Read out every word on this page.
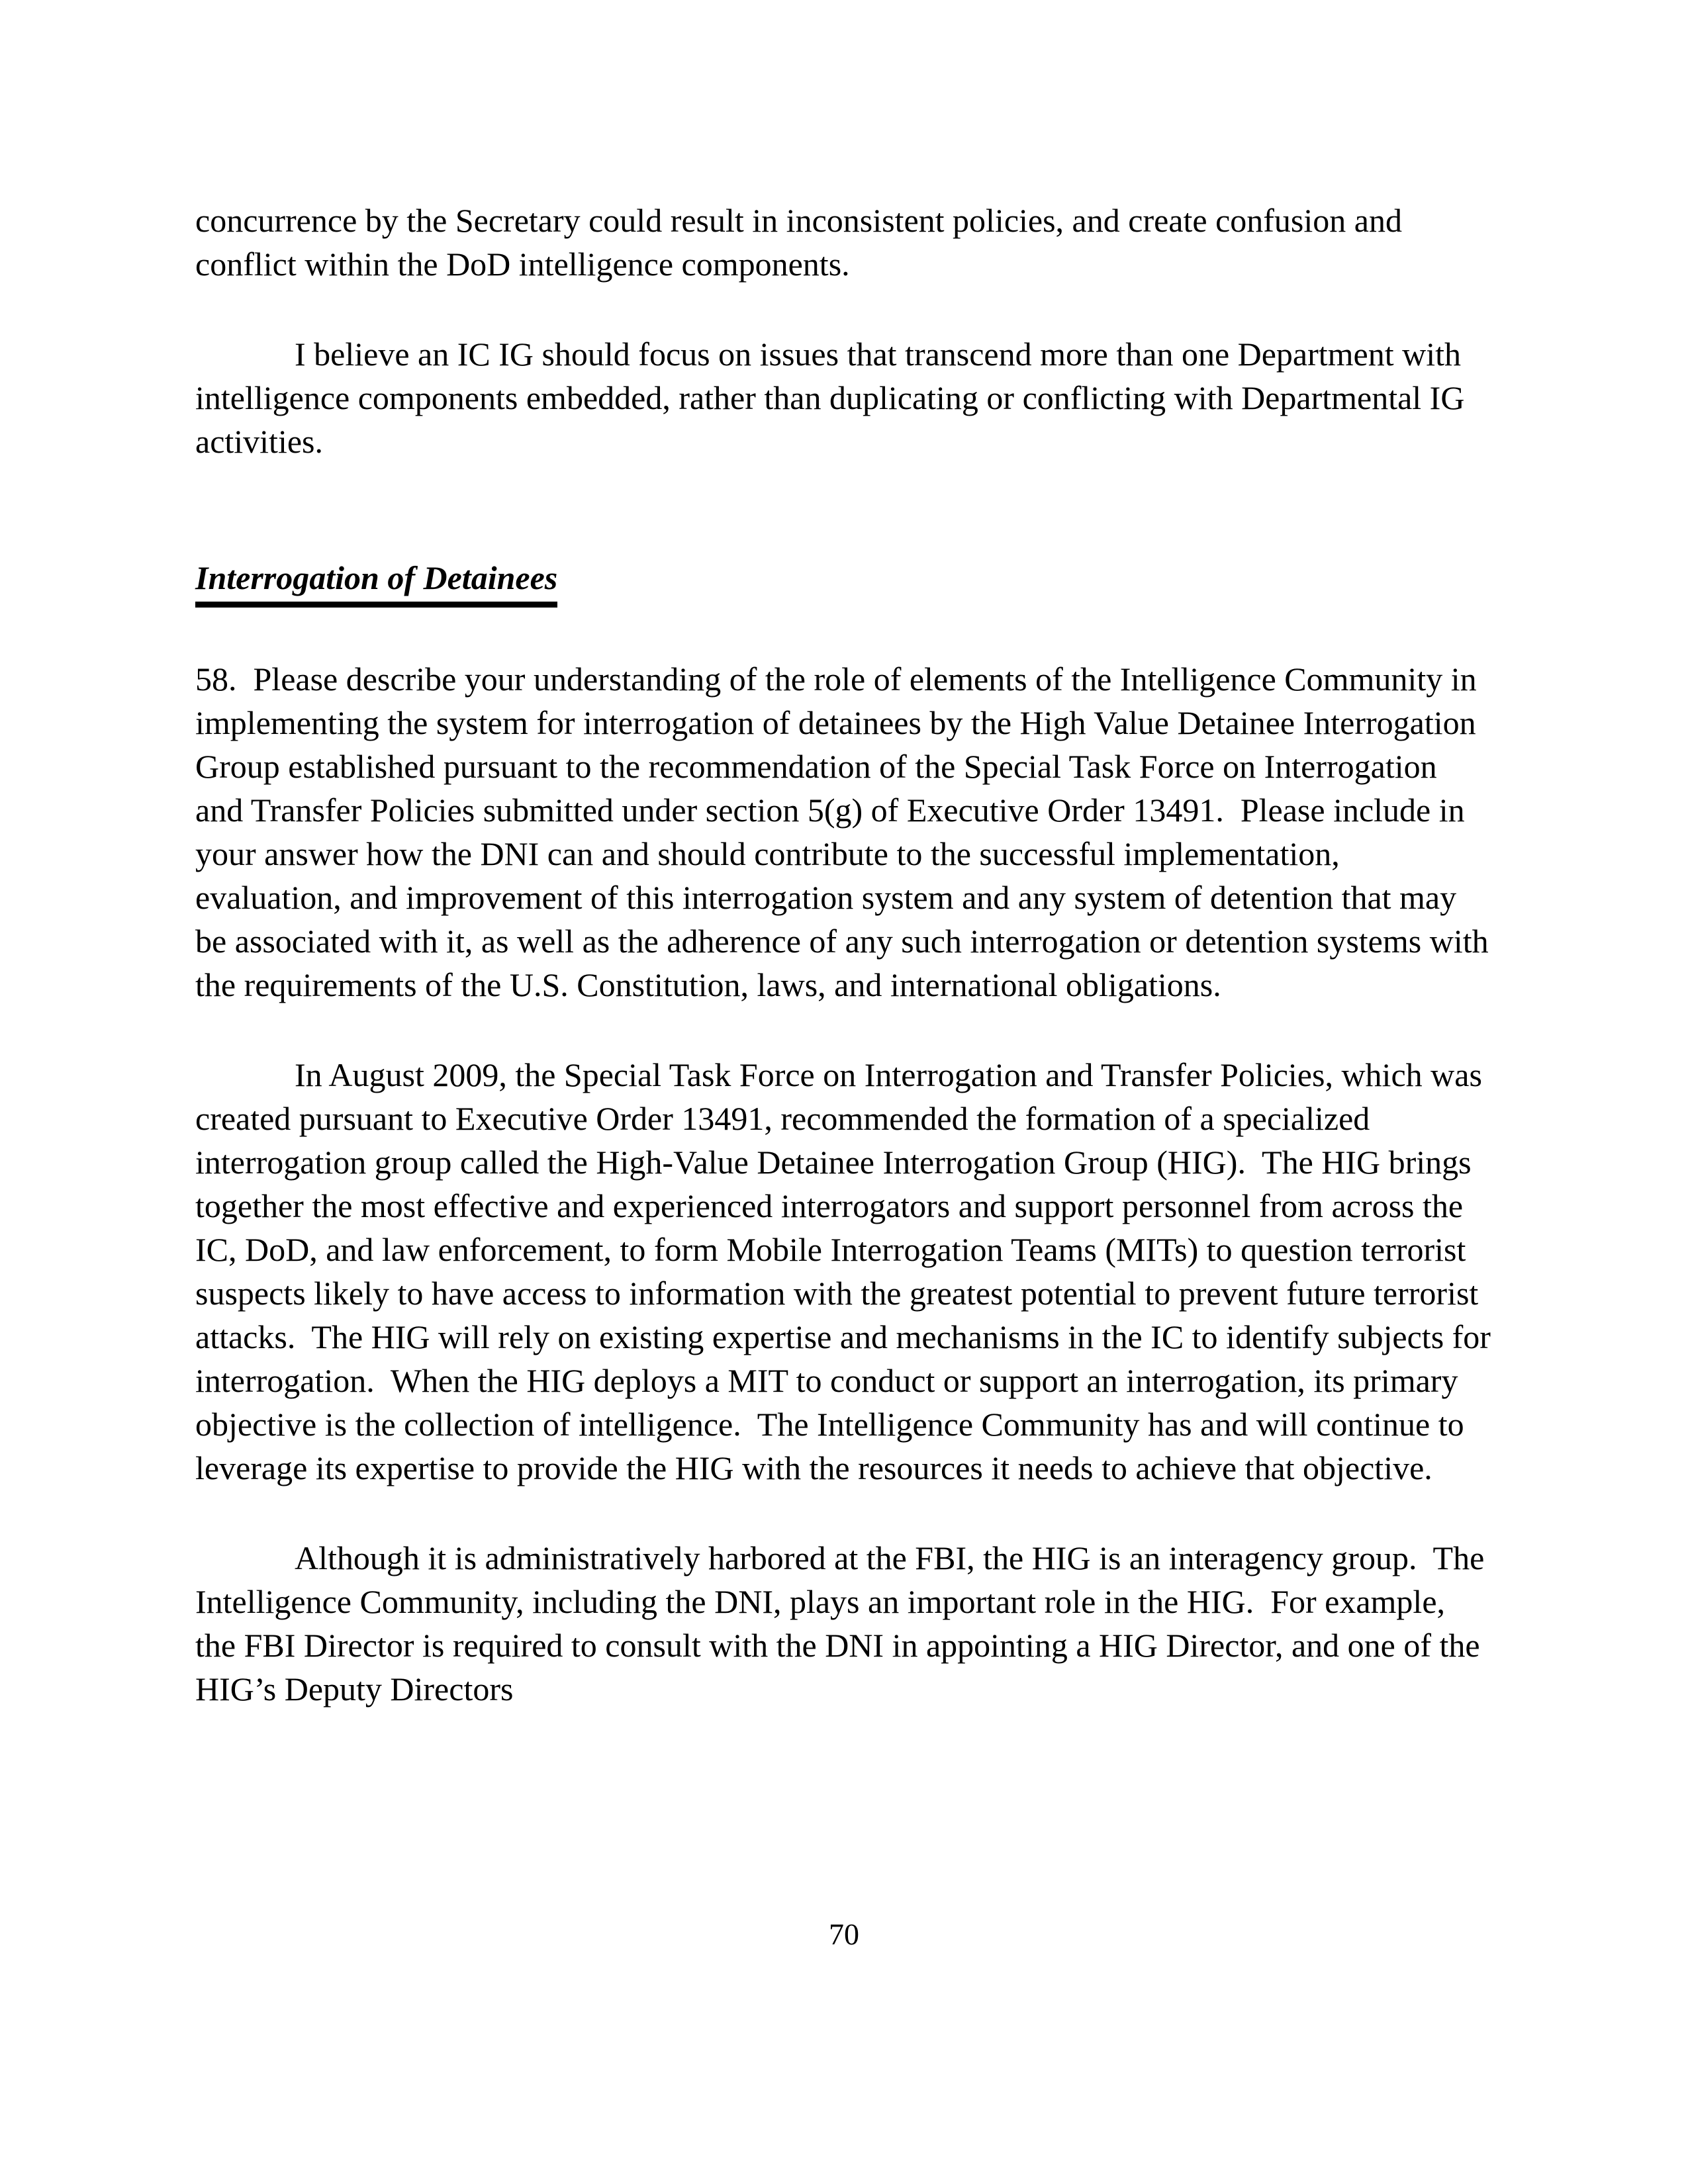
concurrence by the Secretary could result in inconsistent policies, and create confusion and conflict within the DoD intelligence components.

I believe an IC IG should focus on issues that transcend more than one Department with intelligence components embedded, rather than duplicating or conflicting with Departmental IG activities.

Interrogation of Detainees

58.  Please describe your understanding of the role of elements of the Intelligence Community in implementing the system for interrogation of detainees by the High Value Detainee Interrogation Group established pursuant to the recommendation of the Special Task Force on Interrogation and Transfer Policies submitted under section 5(g) of Executive Order 13491.  Please include in your answer how the DNI can and should contribute to the successful implementation, evaluation, and improvement of this interrogation system and any system of detention that may be associated with it, as well as the adherence of any such interrogation or detention systems with the requirements of the U.S. Constitution, laws, and international obligations.

In August 2009, the Special Task Force on Interrogation and Transfer Policies, which was created pursuant to Executive Order 13491, recommended the formation of a specialized interrogation group called the High-Value Detainee Interrogation Group (HIG).  The HIG brings together the most effective and experienced interrogators and support personnel from across the IC, DoD, and law enforcement, to form Mobile Interrogation Teams (MITs) to question terrorist suspects likely to have access to information with the greatest potential to prevent future terrorist attacks.  The HIG will rely on existing expertise and mechanisms in the IC to identify subjects for interrogation.  When the HIG deploys a MIT to conduct or support an interrogation, its primary objective is the collection of intelligence.  The Intelligence Community has and will continue to leverage its expertise to provide the HIG with the resources it needs to achieve that objective.

Although it is administratively harbored at the FBI, the HIG is an interagency group.  The Intelligence Community, including the DNI, plays an important role in the HIG.  For example, the FBI Director is required to consult with the DNI in appointing a HIG Director, and one of the HIG’s Deputy Directors

70
